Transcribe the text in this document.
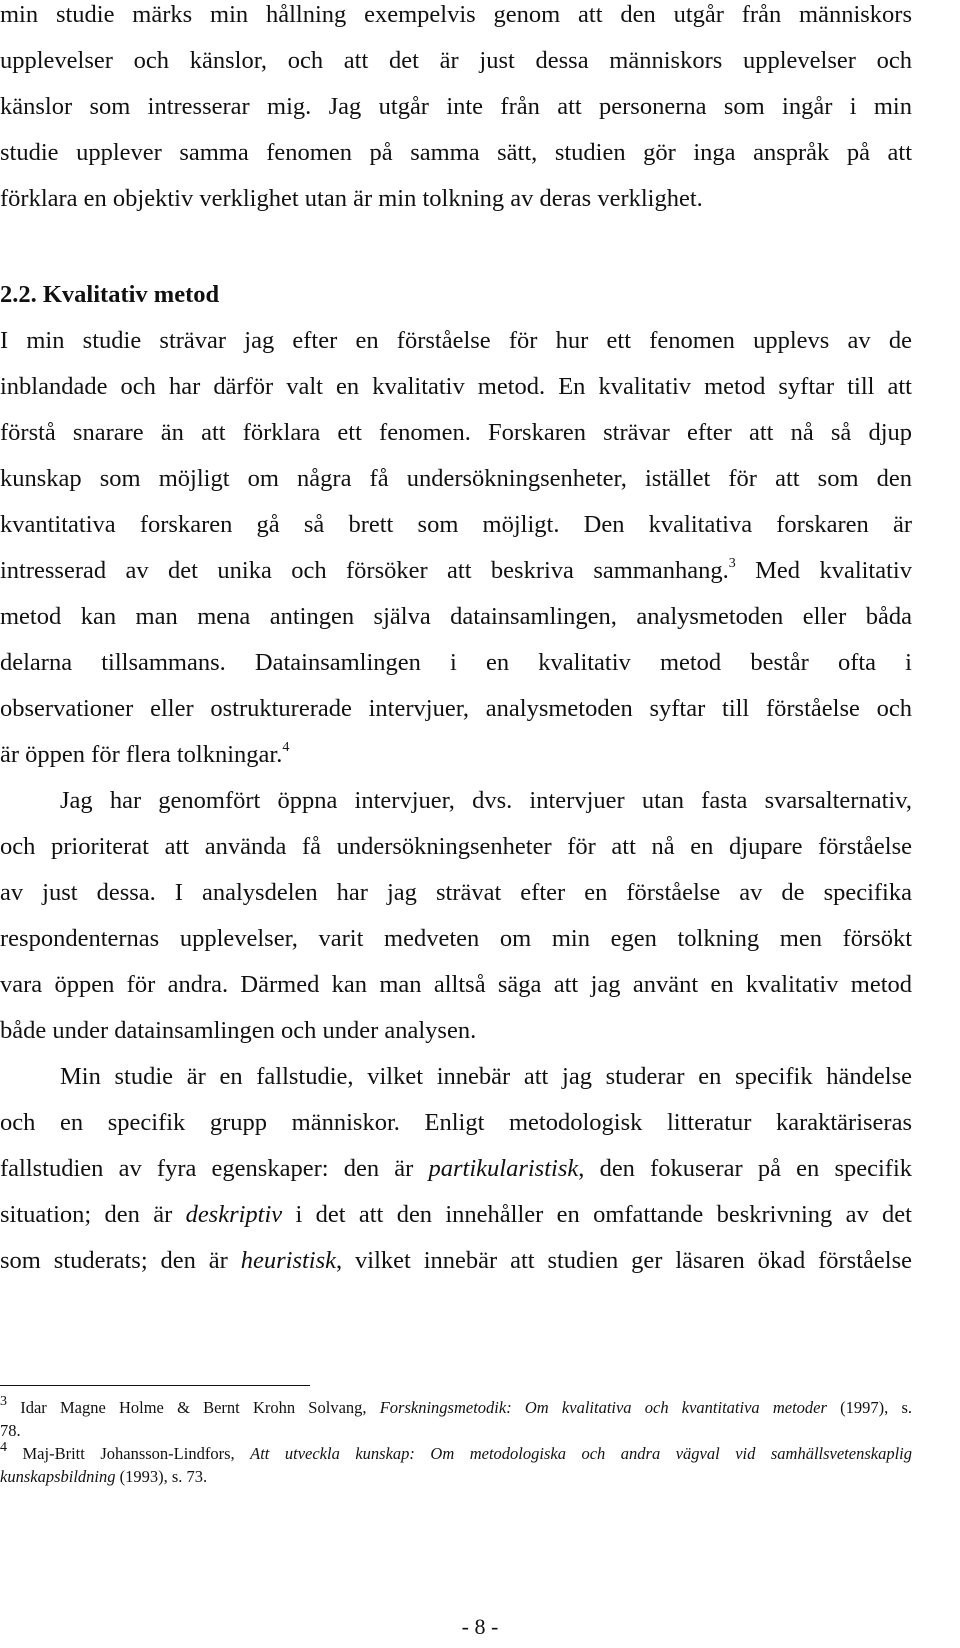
min studie märks min hållning exempelvis genom att den utgår från människors
upplevelser och känslor, och att det är just dessa människors upplevelser och
känslor som intresserar mig. Jag utgår inte från att personerna som ingår i min
studie upplever samma fenomen på samma sätt, studien gör inga anspråk på att
förklara en objektiv verklighet utan är min tolkning av deras verklighet.
2.2. Kvalitativ metod
I min studie strävar jag efter en förståelse för hur ett fenomen upplevs av de
inblandade och har därför valt en kvalitativ metod. En kvalitativ metod syftar till att
förstå snarare än att förklara ett fenomen. Forskaren strävar efter att nå så djup
kunskap som möjligt om några få undersökningsenheter, istället för att som den
kvantitativa forskaren gå så brett som möjligt. Den kvalitativa forskaren är
intresserad av det unika och försöker att beskriva sammanhang.$^3$ Med kvalitativ
metod kan man mena antingen själva datainsamlingen, analysmetoden eller båda
delarna tillsammans. Datainsamlingen i en kvalitativ metod består ofta i
observationer eller ostrukturerade intervjuer, analysmetoden syftar till förståelse och
är öppen för flera tolkningar.$^4$
Jag har genomfört öppna intervjuer, dvs. intervjuer utan fasta svarsalternativ,
och prioriterat att använda få undersökningsenheter för att nå en djupare förståelse
av just dessa. I analysdelen har jag strävat efter en förståelse av de specifika
respondenternas upplevelser, varit medveten om min egen tolkning men försökt
vara öppen för andra. Därmed kan man alltså säga att jag använt en kvalitativ metod
både under datainsamlingen och under analysen.
Min studie är en fallstudie, vilket innebär att jag studerar en specifik händelse
och en specifik grupp människor. Enligt metodologisk litteratur karaktäriseras
fallstudien av fyra egenskaper: den är partikularistisk, den fokuserar på en specifik
situation; den är deskriptiv i det att den innehåller en omfattande beskrivning av det
som studerats; den är heuristisk, vilket innebär att studien ger läsaren ökad förståelse
$^3$ Idar Magne Holme & Bernt Krohn Solvang, Forskningsmetodik: Om kvalitativa och kvantitativa metoder (1997), s.
78.
$^4$ Maj-Britt Johansson-Lindfors, Att utveckla kunskap: Om metodologiska och andra vägval vid samhällsvetenskaplig
kunskapsbildning (1993), s. 73.
- 8 -
